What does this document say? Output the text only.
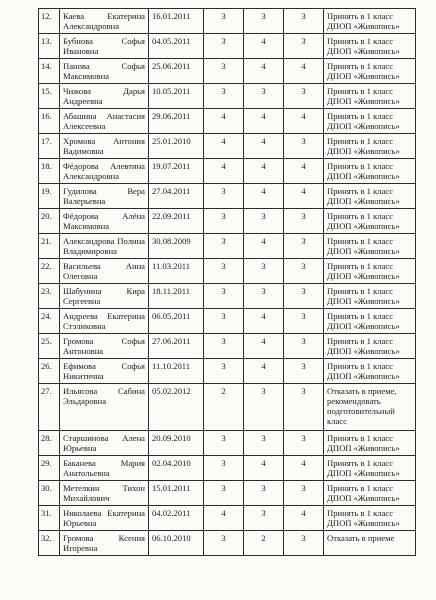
12.	Каева Екатерина Александровна	16.01.2011	3	3	3	Принять в 1 класс ДПОП «Живопись»
13.	Бубнова Софья Ивановна	04.05.2011	3	4	3	Принять в 1 класс ДПОП «Живопись»
14.	Панова Софья Максимовна	25.06.2011	3	4	4	Принять в 1 класс ДПОП «Живопись»
15.	Чижова Дарья Андреевна	10.05.2011	3	3	3	Принять в 1 класс ДПОП «Живопись»
16.	Абашина Анастасия Алексеевна	29.06.2011	4	4	4	Принять в 1 класс ДПОП «Живопись»
17.	Хромова Антония Вадимовна	25.01.2010	4	4	3	Принять в 1 класс ДПОП «Живопись»
18.	Фёдорова Алевтина Александровна	19.07.2011	4	4	4	Принять в 1 класс ДПОП «Живопись»
19.	Гудилова Вера Валерьевна	27.04.2011	3	4	4	Принять в 1 класс ДПОП «Живопись»
20.	Фёдорова Алёна Максимовна	22.09.2011	3	3	3	Принять в 1 класс ДПОП «Живопись»
21.	Александрова Полина Владимировна	30.08.2009	3	4	3	Принять в 1 класс ДПОП «Живопись»
22.	Васильева Анна Олеговна	11.03.2011	3	3	3	Принять в 1 класс ДПОП «Живопись»
23.	Шабунина Кира Сергеевна	18.11.2011	3	3	3	Принять в 1 класс ДПОП «Живопись»
24.	Андреева Екатерина Стэликовна	06.05.2011	3	4	3	Принять в 1 класс ДПОП «Живопись»
25.	Громова Софья Антоновна	27.06.2011	3	4	3	Принять в 1 класс ДПОП «Живопись»
26.	Ефимова Софья Никитична	11.10.2011	3	4	3	Принять в 1 класс ДПОП «Живопись»
27.	Ильясова Сабина Эльдаровна	05.02.2012	2	3	3	Отказать в приеме, рекомендовать подготовительный класс
28.	Старшинова Алена Юрьевна	20.09.2010	3	3	3	Принять в 1 класс ДПОП «Живопись»
29.	Баканева Мария Анатольевна	02.04.2010	3	4	4	Принять в 1 класс ДПОП «Живопись»
30.	Метелкин Тихон Михайлович	15.01.2011	3	3	3	Принять в 1 класс ДПОП «Живопись»
31.	Николаева Екатерина Юрьевна	04.02.2011	4	3	4	Принять в 1 класс ДПОП «Живопись»
32.	Громова Ксения Игоревна	06.10.2010	3	2	3	Отказать в приеме
